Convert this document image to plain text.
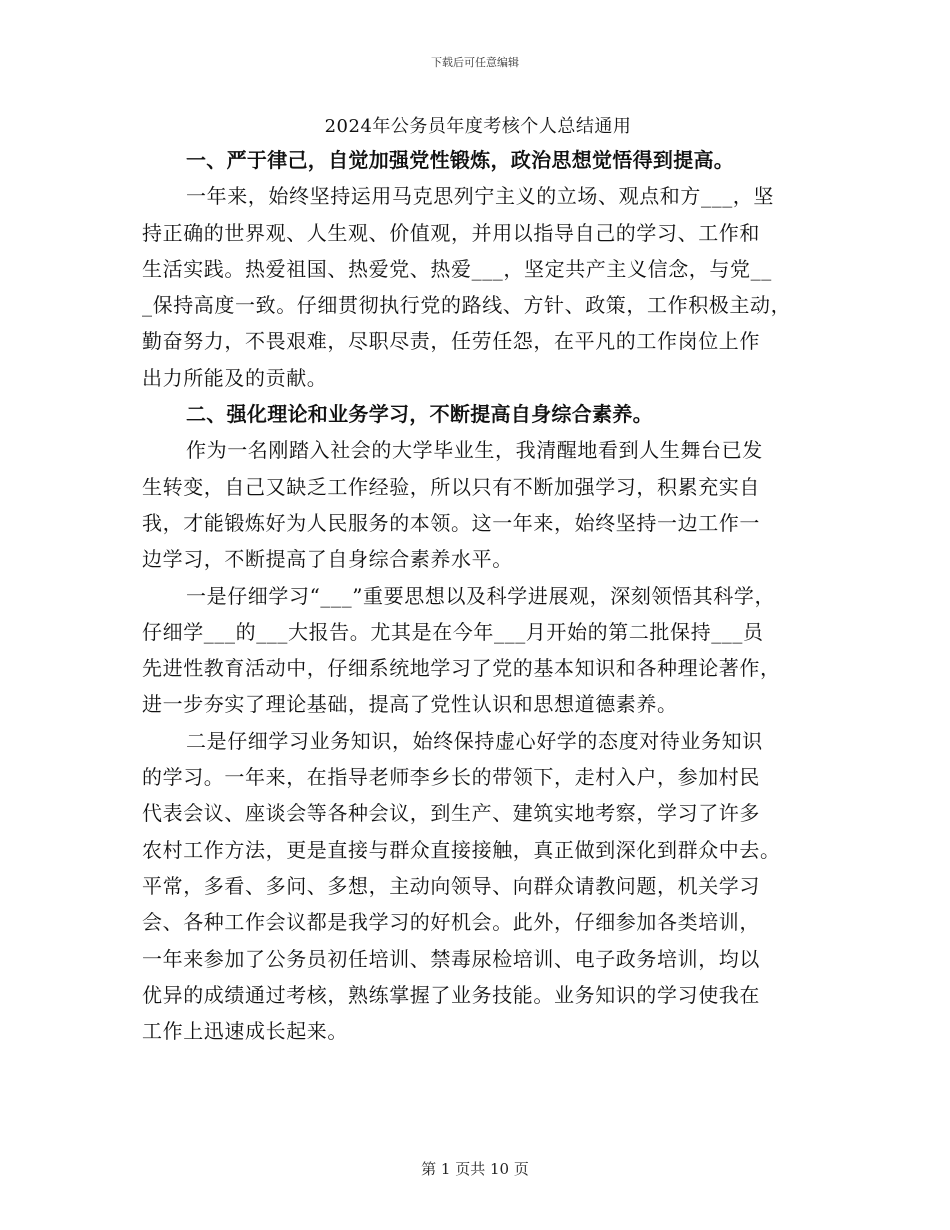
下载后可任意编辑
2024年公务员年度考核个人总结通用
一、严于律己，自觉加强党性锻炼，政治思想觉悟得到提高。
一年来，始终坚持运用马克思列宁主义的立场、观点和方___，坚
持正确的世界观、人生观、价值观，并用以指导自己的学习、工作和
生活实践。热爱祖国、热爱党、热爱___，坚定共产主义信念，与党__
_保持高度一致。仔细贯彻执行党的路线、方针、政策，工作积极主动，
勤奋努力，不畏艰难，尽职尽责，任劳任怨，在平凡的工作岗位上作
出力所能及的贡献。
二、强化理论和业务学习，不断提高自身综合素养。
作为一名刚踏入社会的大学毕业生，我清醒地看到人生舞台已发
生转变，自己又缺乏工作经验，所以只有不断加强学习，积累充实自
我，才能锻炼好为人民服务的本领。这一年来，始终坚持一边工作一
边学习，不断提高了自身综合素养水平。
一是仔细学习“___”重要思想以及科学进展观，深刻领悟其科学，
仔细学___的___大报告。尤其是在今年___月开始的第二批保持___员
先进性教育活动中，仔细系统地学习了党的基本知识和各种理论著作，
进一步夯实了理论基础，提高了党性认识和思想道德素养。
二是仔细学习业务知识，始终保持虚心好学的态度对待业务知识
的学习。一年来，在指导老师李乡长的带领下，走村入户，参加村民
代表会议、座谈会等各种会议，到生产、建筑实地考察，学习了许多
农村工作方法，更是直接与群众直接接触，真正做到深化到群众中去。
平常，多看、多问、多想，主动向领导、向群众请教问题，机关学习
会、各种工作会议都是我学习的好机会。此外，仔细参加各类培训，
一年来参加了公务员初任培训、禁毒尿检培训、电子政务培训，均以
优异的成绩通过考核，熟练掌握了业务技能。业务知识的学习使我在
工作上迅速成长起来。
第 1 页共 10 页
